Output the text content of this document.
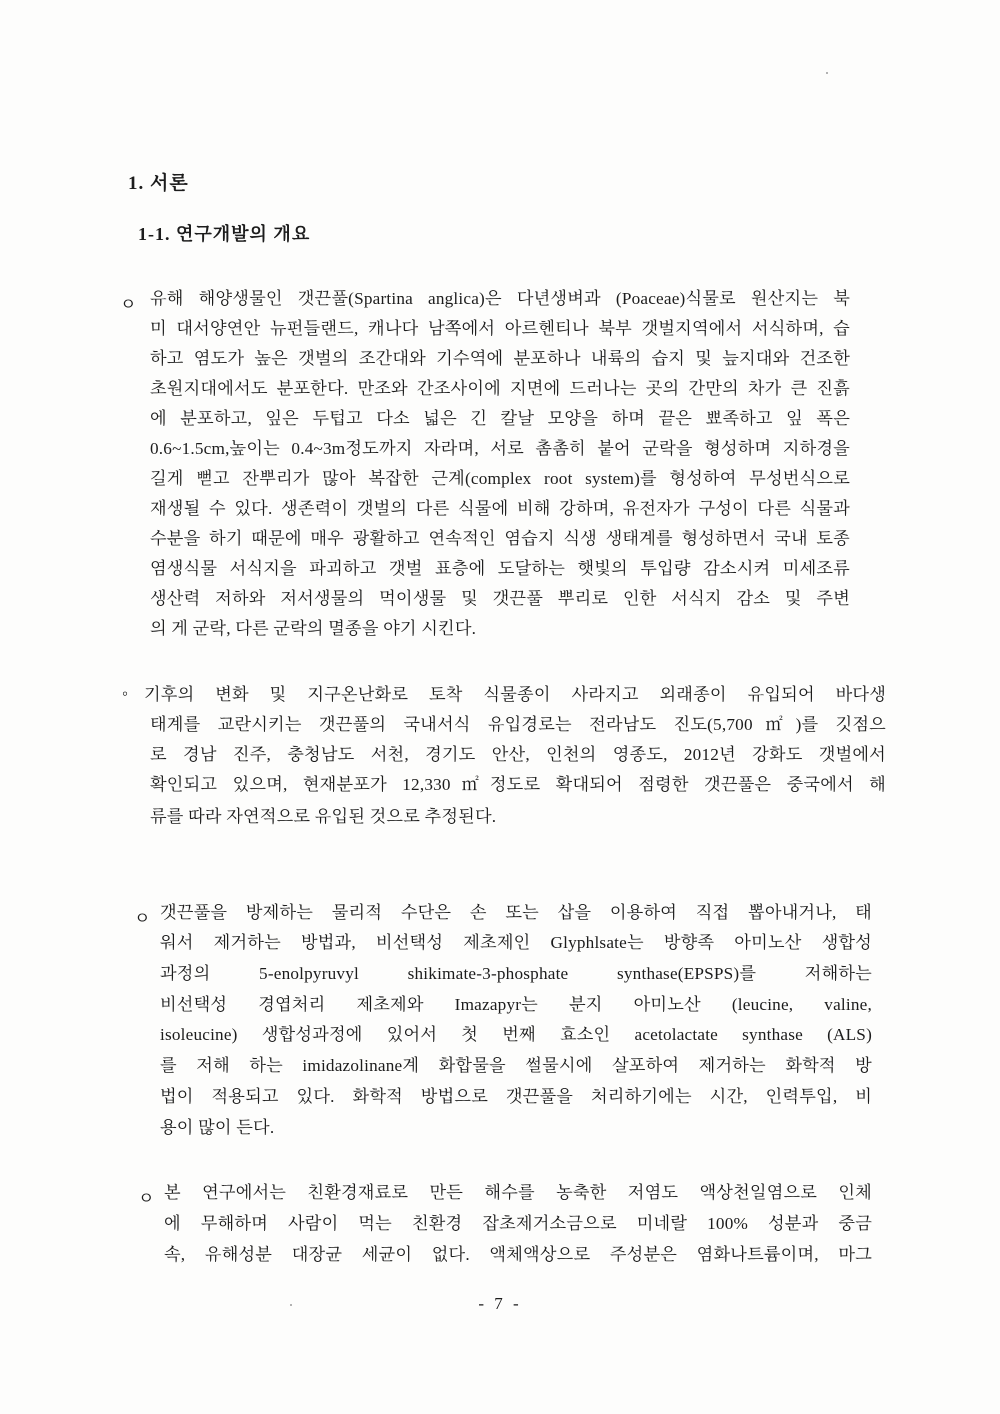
1. 서론
1-1. 연구개발의 개요
ㅇ 유해 해양생물인 갯끈풀(Spartina anglica)은 다년생벼과 (Poaceae)식물로 원산지는 북
미 대서양연안 뉴펀들랜드, 캐나다 남쪽에서 아르헨티나 북부 갯벌지역에서 서식하며, 습
하고 염도가 높은 갯벌의 조간대와 기수역에 분포하나 내륙의 습지 및 늪지대와 건조한
초원지대에서도 분포한다. 만조와 간조사이에 지면에 드러나는 곳의 간만의 차가 큰 진흙
에 분포하고, 잎은 두텁고 다소 넓은 긴 칼날 모양을 하며 끝은 뾰족하고 잎 폭은
0.6~1.5cm,높이는 0.4~3m정도까지 자라며, 서로 촘촘히 붙어 군락을 형성하며 지하경을
길게 뻗고 잔뿌리가 많아 복잡한 근계(complex root system)를 형성하여 무성번식으로
재생될 수 있다. 생존력이 갯벌의 다른 식물에 비해 강하며, 유전자가 구성이 다른 식물과
수분을 하기 때문에 매우 광활하고 연속적인 염습지 식생 생태계를 형성하면서 국내 토종
염생식물 서식지을 파괴하고 갯벌 표층에 도달하는 햇빛의 투입량 감소시켜 미세조류
생산력 저하와 저서생물의 먹이생물 및 갯끈풀 뿌리로 인한 서식지 감소 및 주변
의 게 군락, 다른 군락의 멸종을 야기 시킨다.
◦ 기후의 변화 및 지구온난화로 토착 식물종이 사라지고 외래종이 유입되어 바다생
태계를 교란시키는 갯끈풀의 국내서식 유입경로는 전라남도 진도(5,700㎡)를 깃점으
로 경남 진주, 충청남도 서천, 경기도 안산, 인천의 영종도, 2012년 강화도 갯벌에서
확인되고 있으며, 현재분포가 12,330㎡정도로 확대되어 점령한 갯끈풀은 중국에서 해
류를 따라 자연적으로 유입된 것으로 추정된다.
ㅇ 갯끈풀을 방제하는 물리적 수단은 손 또는 삽을 이용하여 직접 뽑아내거나, 태
워서 제거하는 방법과, 비선택성 제초제인 Glyphlsate는 방향족 아미노산 생합성
과정의 5-enolpyruvyl shikimate-3-phosphate synthase(EPSPS)를 저해하는
비선택성 경엽처리 제초제와 Imazapyr는 분지 아미노산 (leucine, valine,
isoleucine) 생합성과정에 있어서 첫 번째 효소인 acetolactate synthase (ALS)
를 저해 하는 imidazolinane계 화합물을 썰물시에 살포하여 제거하는 화학적 방
법이 적용되고 있다. 화학적 방법으로 갯끈풀을 처리하기에는 시간, 인력투입, 비
용이 많이 든다.
ㅇ 본 연구에서는 친환경재료로 만든 해수를 농축한 저염도 액상천일염으로 인체
에 무해하며 사람이 먹는 친환경 잡초제거소금으로 미네랄 100% 성분과 중금
속, 유해성분 대장균 세균이 없다. 액체액상으로 주성분은 염화나트륨이며, 마그
- 7 -
